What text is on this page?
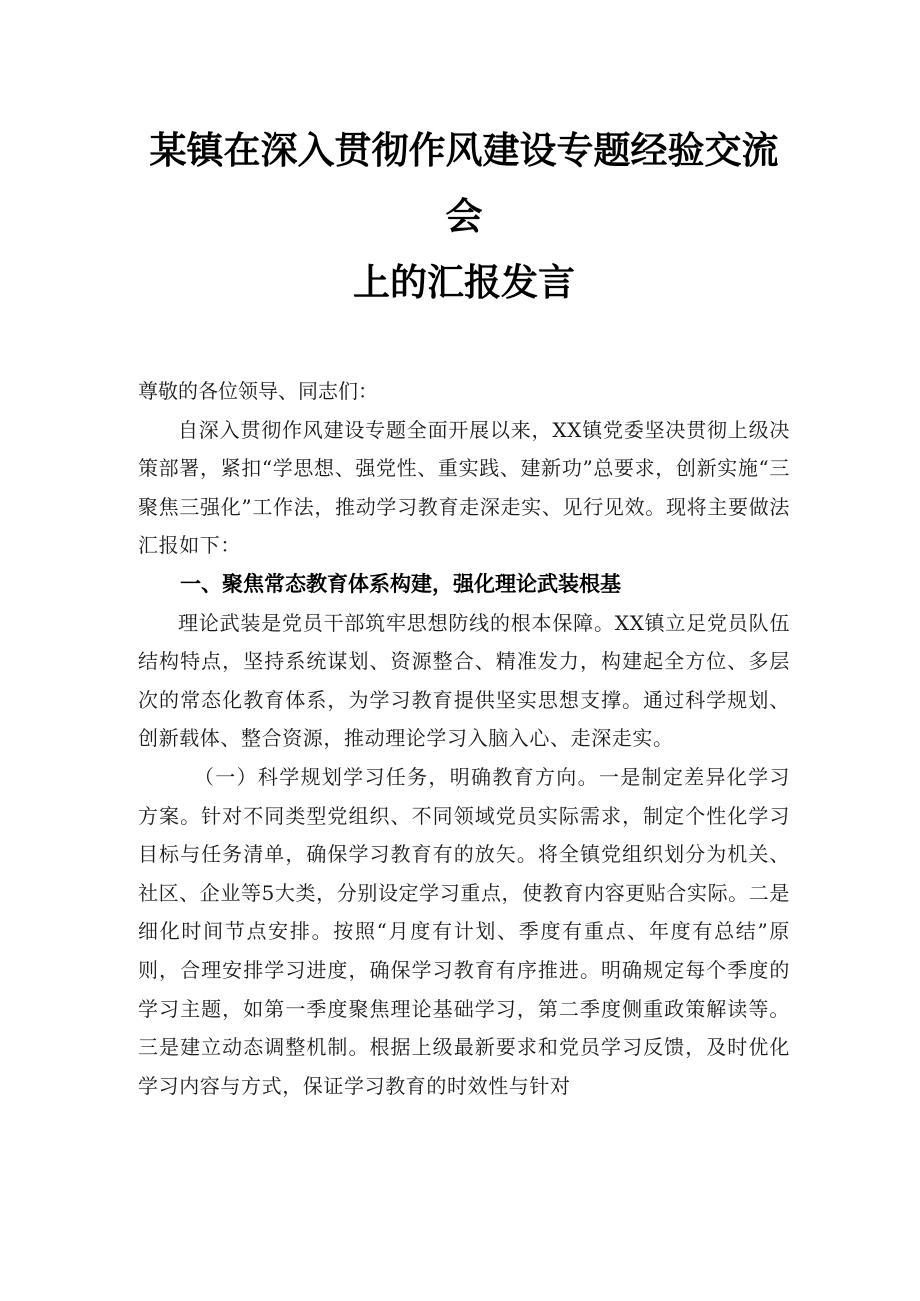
某镇在深入贯彻作风建设专题经验交流会
上的汇报发言

尊敬的各位领导、同志们：

自深入贯彻作风建设专题全面开展以来，XX镇党委坚决贯彻上级决策部署，紧扣“学思想、强党性、重实践、建新功”总要求，创新实施“三聚焦三强化”工作法，推动学习教育走深走实、见行见效。现将主要做法汇报如下：

一、聚焦常态教育体系构建，强化理论武装根基

理论武装是党员干部筑牢思想防线的根本保障。XX镇立足党员队伍结构特点，坚持系统谋划、资源整合、精准发力，构建起全方位、多层次的常态化教育体系，为学习教育提供坚实思想支撑。通过科学规划、创新载体、整合资源，推动理论学习入脑入心、走深走实。

（一）科学规划学习任务，明确教育方向。一是制定差异化学习方案。针对不同类型党组织、不同领域党员实际需求，制定个性化学习目标与任务清单，确保学习教育有的放矢。将全镇党组织划分为机关、社区、企业等5大类，分别设定学习重点，使教育内容更贴合实际。二是细化时间节点安排。按照“月度有计划、季度有重点、年度有总结”原则，合理安排学习进度，确保学习教育有序推进。明确规定每个季度的学习主题，如第一季度聚焦理论基础学习，第二季度侧重政策解读等。三是建立动态调整机制。根据上级最新要求和党员学习反馈，及时优化学习内容与方式，保证学习教育的时效性与针对
